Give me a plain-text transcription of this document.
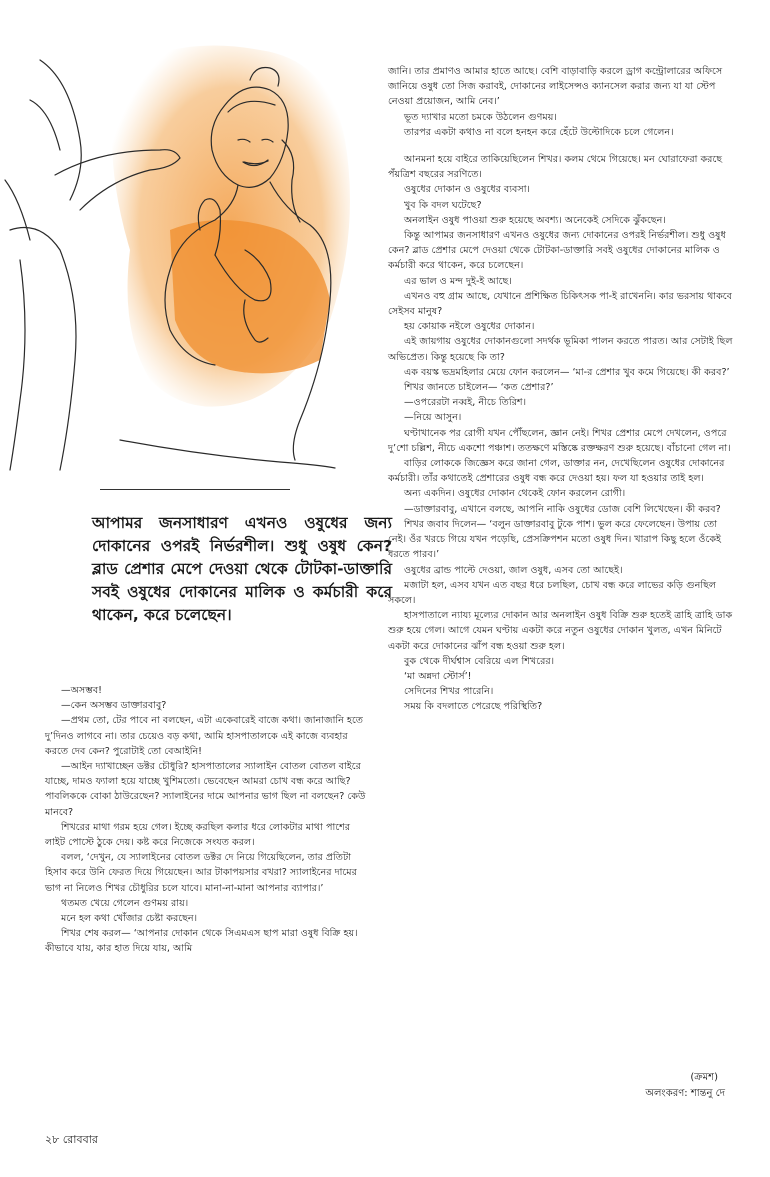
আপামর জনসাধারণ এখনও ওষুধের জন্য দোকানের ওপরই নির্ভরশীল। শুধু ওষুধ কেন? ব্লাড প্রেশার মেপে দেওয়া থেকে টোটকা-ডাক্তারি সবই ওষুধের দোকানের মালিক ও কর্মচারী করে থাকেন, করে চলেছেন।

—অসম্ভব!

—কেন অসম্ভব ডাক্তারবাবু?

—প্রথম তো, টের পাবে না বলছেন, এটা একেবারেই বাজে কথা। জানাজানি হতে দু’দিনও লাগবে না। তার চেয়েও বড় কথা, আমি হাসপাতালকে এই কাজে ব্যবহার করতে দেব কেন? পুরোটাই তো বেআইনি!

—আইন দ্যাখাচ্ছেন ডক্টর চৌধুরি? হাসপাতালের স্যালাইন বোতল বোতল বাইরে যাচ্ছে, দামও ফ্যালা হয়ে যাচ্ছে খুশিমতো। ভেবেছেন আমরা চোখ বন্ধ করে আছি? পাবলিককে বোকা ঠাউরেছেন? স্যালাইনের দামে আপনার ভাগ ছিল না বলছেন? কেউ মানবে?

শিখরের মাথা গরম হয়ে গেল। ইচ্ছে করছিল কলার ধরে লোকটার মাথা পাশের লাইট পোস্টে ঠুকে দেয়। কষ্ট করে নিজেকে সংযত করল।

বলল, ‘দেখুন, যে স্যালাইনের বোতল ডক্টর দে নিয়ে গিয়েছিলেন, তার প্রতিটা হিসাব করে উনি ফেরত দিয়ে গিয়েছেন। আর টাকাপয়সার বখরা? স্যালাইনের দামের ভাগ না নিলেও শিখর চৌধুরির চলে যাবে। মানা-না-মানা আপনার ব্যাপার।’

থতমত খেয়ে গেলেন গুণময় রায়।

মনে হল কথা খোঁজার চেষ্টা করছেন।

শিখর শেষ করল— ‘আপনার দোকান থেকে সিএমএস ছাপ মারা ওষুধ বিক্রি হয়। কীভাবে যায়, কার হাত দিয়ে যায়, আমি

জানি। তার প্রমাণও আমার হাতে আছে। বেশি বাড়াবাড়ি করলে ড্রাগ কন্ট্রোলারের অফিসে জানিয়ে ওষুধ তো সিজ করাবই, দোকানের লাইসেন্সও ক্যানসেল করার জন্য যা যা স্টেপ নেওয়া প্রয়োজন, আমি নেব।’

ভূত দ্যাখার মতো চমকে উঠলেন গুণময়।

তারপর একটা কথাও না বলে হনহন করে হেঁটে উল্টোদিকে চলে গেলেন।

আনমনা হয়ে বাইরে তাকিয়েছিলেন শিখর। কলম থেমে গিয়েছে। মন ঘোরাফেরা করছে পঁয়ত্রিশ বছরের সরণিতে।

ওষুধের দোকান ও ওষুধের ব্যবসা।

খুব কি বদল ঘটেছে?

অনলাইন ওষুধ পাওয়া শুরু হয়েছে অবশ্য। অনেকেই সেদিকে ঝুঁকছেন।

কিন্তু আপামর জনসাধারণ এখনও ওষুধের জন্য দোকানের ওপরই নির্ভরশীল। শুধু ওষুধ কেন? ব্লাড প্রেশার মেপে দেওয়া থেকে টোটকা-ডাক্তারি সবই ওষুধের দোকানের মালিক ও কর্মচারী করে থাকেন, করে চলেছেন।

এর ভাল ও মন্দ দুই-ই আছে।

এখনও বহু গ্রাম আছে, যেখানে প্রশিক্ষিত চিকিৎসক পা-ই রাখেননি। কার ভরসায় থাকবে সেইসব মানুষ?

হয় কোয়াক নইলে ওষুধের দোকান।

এই জায়গায় ওষুধের দোকানগুলো সদর্থক ভূমিকা পালন করতে পারত। আর সেটাই ছিল অভিপ্রেত। কিন্তু হয়েছে কি তা?

এক বয়স্ক ভদ্রমহিলার মেয়ে ফোন করলেন— ‘মা-র প্রেশার খুব কমে গিয়েছে। কী করব?’

শিখর জানতে চাইলেন— ‘কত প্রেশার?’

—ওপরেরটা নব্বই, নীচে তিরিশ।

—নিয়ে আসুন।

ঘণ্টাখানেক পর রোগী যখন পৌঁছলেন, জ্ঞান নেই। শিখর প্রেশার মেপে দেখলেন, ওপরে দু’শো চল্লিশ, নীচে একশো পঞ্চাশ। ততক্ষণে মস্তিষ্কে রক্তক্ষরণ শুরু হয়েছে। বাঁচানো গেল না।

বাড়ির লোককে জিজ্ঞেস করে জানা গেল, ডাক্তার নন, দেখেছিলেন ওষুধের দোকানের কর্মচারী। তাঁর কথাতেই প্রেশারের ওষুধ বন্ধ করে দেওয়া হয়। ফল যা হওয়ার তাই হল।

অন্য একদিন। ওষুধের দোকান থেকেই ফোন করলেন রোগী।

—ডাক্তারবাবু, এখানে বলছে, আপনি নাকি ওষুধের ডোজ বেশি লিখেছেন। কী করব?

শিখর জবাব দিলেন— ‘বলুন ডাক্তারবাবু টুকে পাশ। ভুল করে ফেলেছেন। উপায় তো নেই। ওঁর খরচে গিয়ে যখন পড়েছি, প্রেসক্রিপশন মতো ওষুধ দিন। খারাপ কিছু হলে ওঁকেই ধরতে পারব।’

ওষুধের ব্রান্ড পাল্টে দেওয়া, জাল ওষুধ, এসব তো আছেই।

মজাটা হল, এসব যখন এত বছর ধরে চলছিল, চোখ বন্ধ করে লাভের কড়ি গুনছিল সকলে।

হাসপাতালে ন্যায্য মূল্যের দোকান আর অনলাইন ওষুধ বিক্রি শুরু হতেই ত্রাহি ত্রাহি ডাক শুরু হয়ে গেল। আগে যেমন ঘণ্টায় একটা করে নতুন ওষুধের দোকান খুলত, এখন মিনিটে একটা করে দোকানের ঝাঁপ বন্ধ হওয়া শুরু হল।

বুক থেকে দীর্ঘশ্বাস বেরিয়ে এল শিখরের।

‘মা অন্নদা স্টোর্স’!

সেদিনের শিখর পারেনি।

সময় কি বদলাতে পেরেছে পরিস্থিতি?

(ক্রমশ)
অলংকরণ: শান্তনু দে
২৮ রোববার
